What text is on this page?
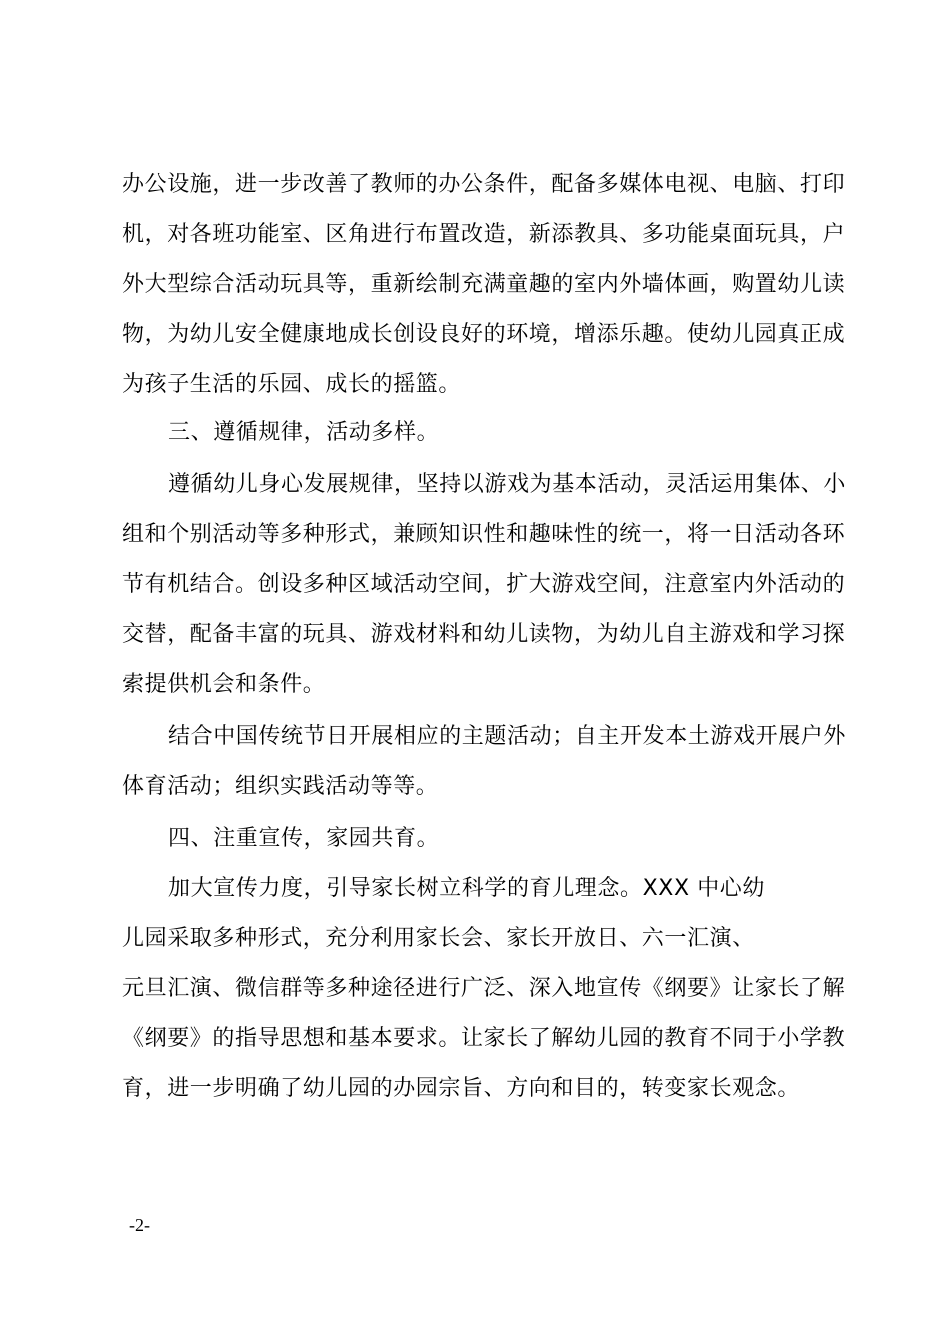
办公设施，进一步改善了教师的办公条件，配备多媒体电视、电脑、打印
机，对各班功能室、区角进行布置改造，新添教具、多功能桌面玩具，户
外大型综合活动玩具等，重新绘制充满童趣的室内外墙体画，购置幼儿读
物，为幼儿安全健康地成长创设良好的环境，增添乐趣。使幼儿园真正成
为孩子生活的乐园、成长的摇篮。
三、遵循规律，活动多样。
遵循幼儿身心发展规律，坚持以游戏为基本活动，灵活运用集体、小
组和个别活动等多种形式，兼顾知识性和趣味性的统一，将一日活动各环
节有机结合。创设多种区域活动空间，扩大游戏空间，注意室内外活动的
交替，配备丰富的玩具、游戏材料和幼儿读物，为幼儿自主游戏和学习探
索提供机会和条件。
结合中国传统节日开展相应的主题活动；自主开发本土游戏开展户外
体育活动；组织实践活动等等。
四、注重宣传，家园共育。
加大宣传力度，引导家长树立科学的育儿理念。XXX 中心幼
儿园采取多种形式，充分利用家长会、家长开放日、六一汇演、
元旦汇演、微信群等多种途径进行广泛、深入地宣传《纲要》让家长了解
《纲要》的指导思想和基本要求。让家长了解幼儿园的教育不同于小学教
育，进一步明确了幼儿园的办园宗旨、方向和目的，转变家长观念。
-2-
